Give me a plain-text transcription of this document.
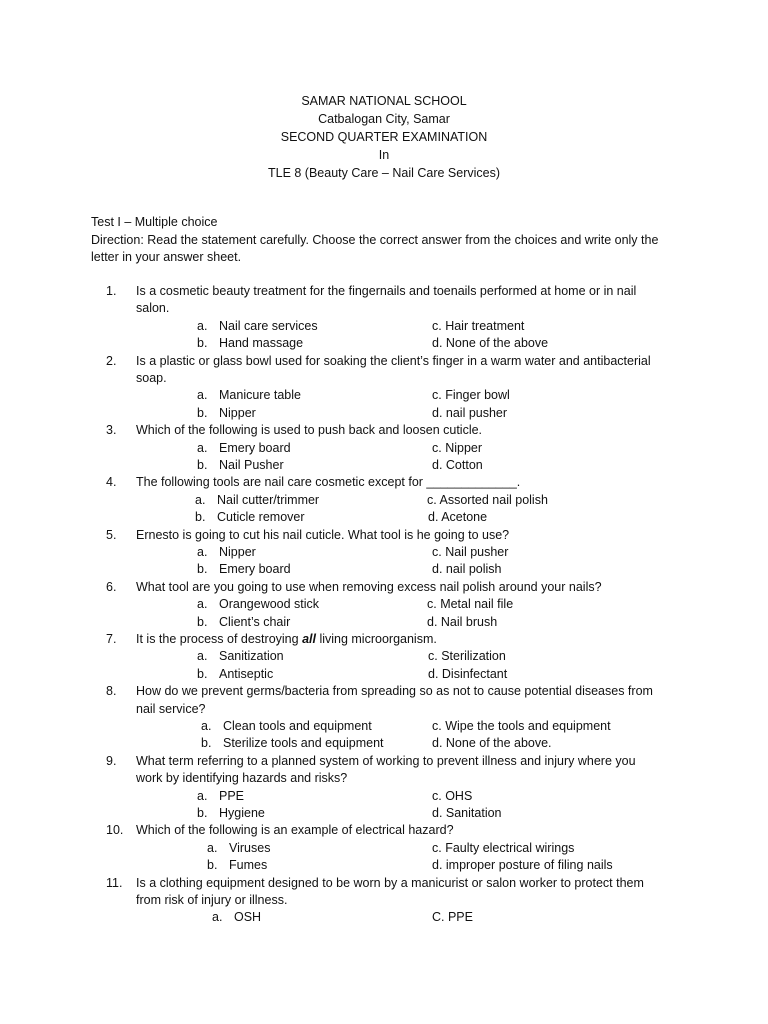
SAMAR NATIONAL SCHOOL
Catbalogan City, Samar
SECOND QUARTER EXAMINATION
In
TLE 8 (Beauty Care – Nail Care Services)
Test I – Multiple choice
Direction: Read the statement carefully. Choose the correct answer from the choices and write only the
letter in your answer sheet.
1.	Is a cosmetic beauty treatment for the fingernails and toenails performed at home or in nail
salon.
a. Nail care services	c. Hair treatment
b. Hand massage	d. None of the above
2.	Is a plastic or glass bowl used for soaking the client’s finger in a warm water and antibacterial
soap.
a. Manicure table	c. Finger bowl
b. Nipper	d. nail pusher
3.	Which of the following is used to push back and loosen cuticle.
a. Emery board	c. Nipper
b. Nail Pusher	d. Cotton
4.	The following tools are nail care cosmetic except for _____________.
a. Nail cutter/trimmer	c. Assorted nail polish
b. Cuticle remover	d. Acetone
5.	Ernesto is going to cut his nail cuticle. What tool is he going to use?
a. Nipper	c. Nail pusher
b. Emery board	d. nail polish
6.	What tool are you going to use when removing excess nail polish around your nails?
a. Orangewood stick	c. Metal nail file
b. Client’s chair	d. Nail brush
7.	It is the process of destroying all living microorganism.
a. Sanitization	c. Sterilization
b. Antiseptic	d. Disinfectant
8.	How do we prevent germs/bacteria from spreading so as not to cause potential diseases from
nail service?
a. Clean tools and equipment	c. Wipe the tools and equipment
b. Sterilize tools and equipment	d. None of the above.
9.	What term referring to a planned system of working to prevent illness and injury where you
work by identifying hazards and risks?
a. PPE	c. OHS
b. Hygiene	d. Sanitation
10.	Which of the following is an example of electrical hazard?
a. Viruses	c. Faulty electrical wirings
b. Fumes	d. improper posture of filing nails
11.	Is a clothing equipment designed to be worn by a manicurist or salon worker to protect them
from risk of injury or illness.
a. OSH	C. PPE
